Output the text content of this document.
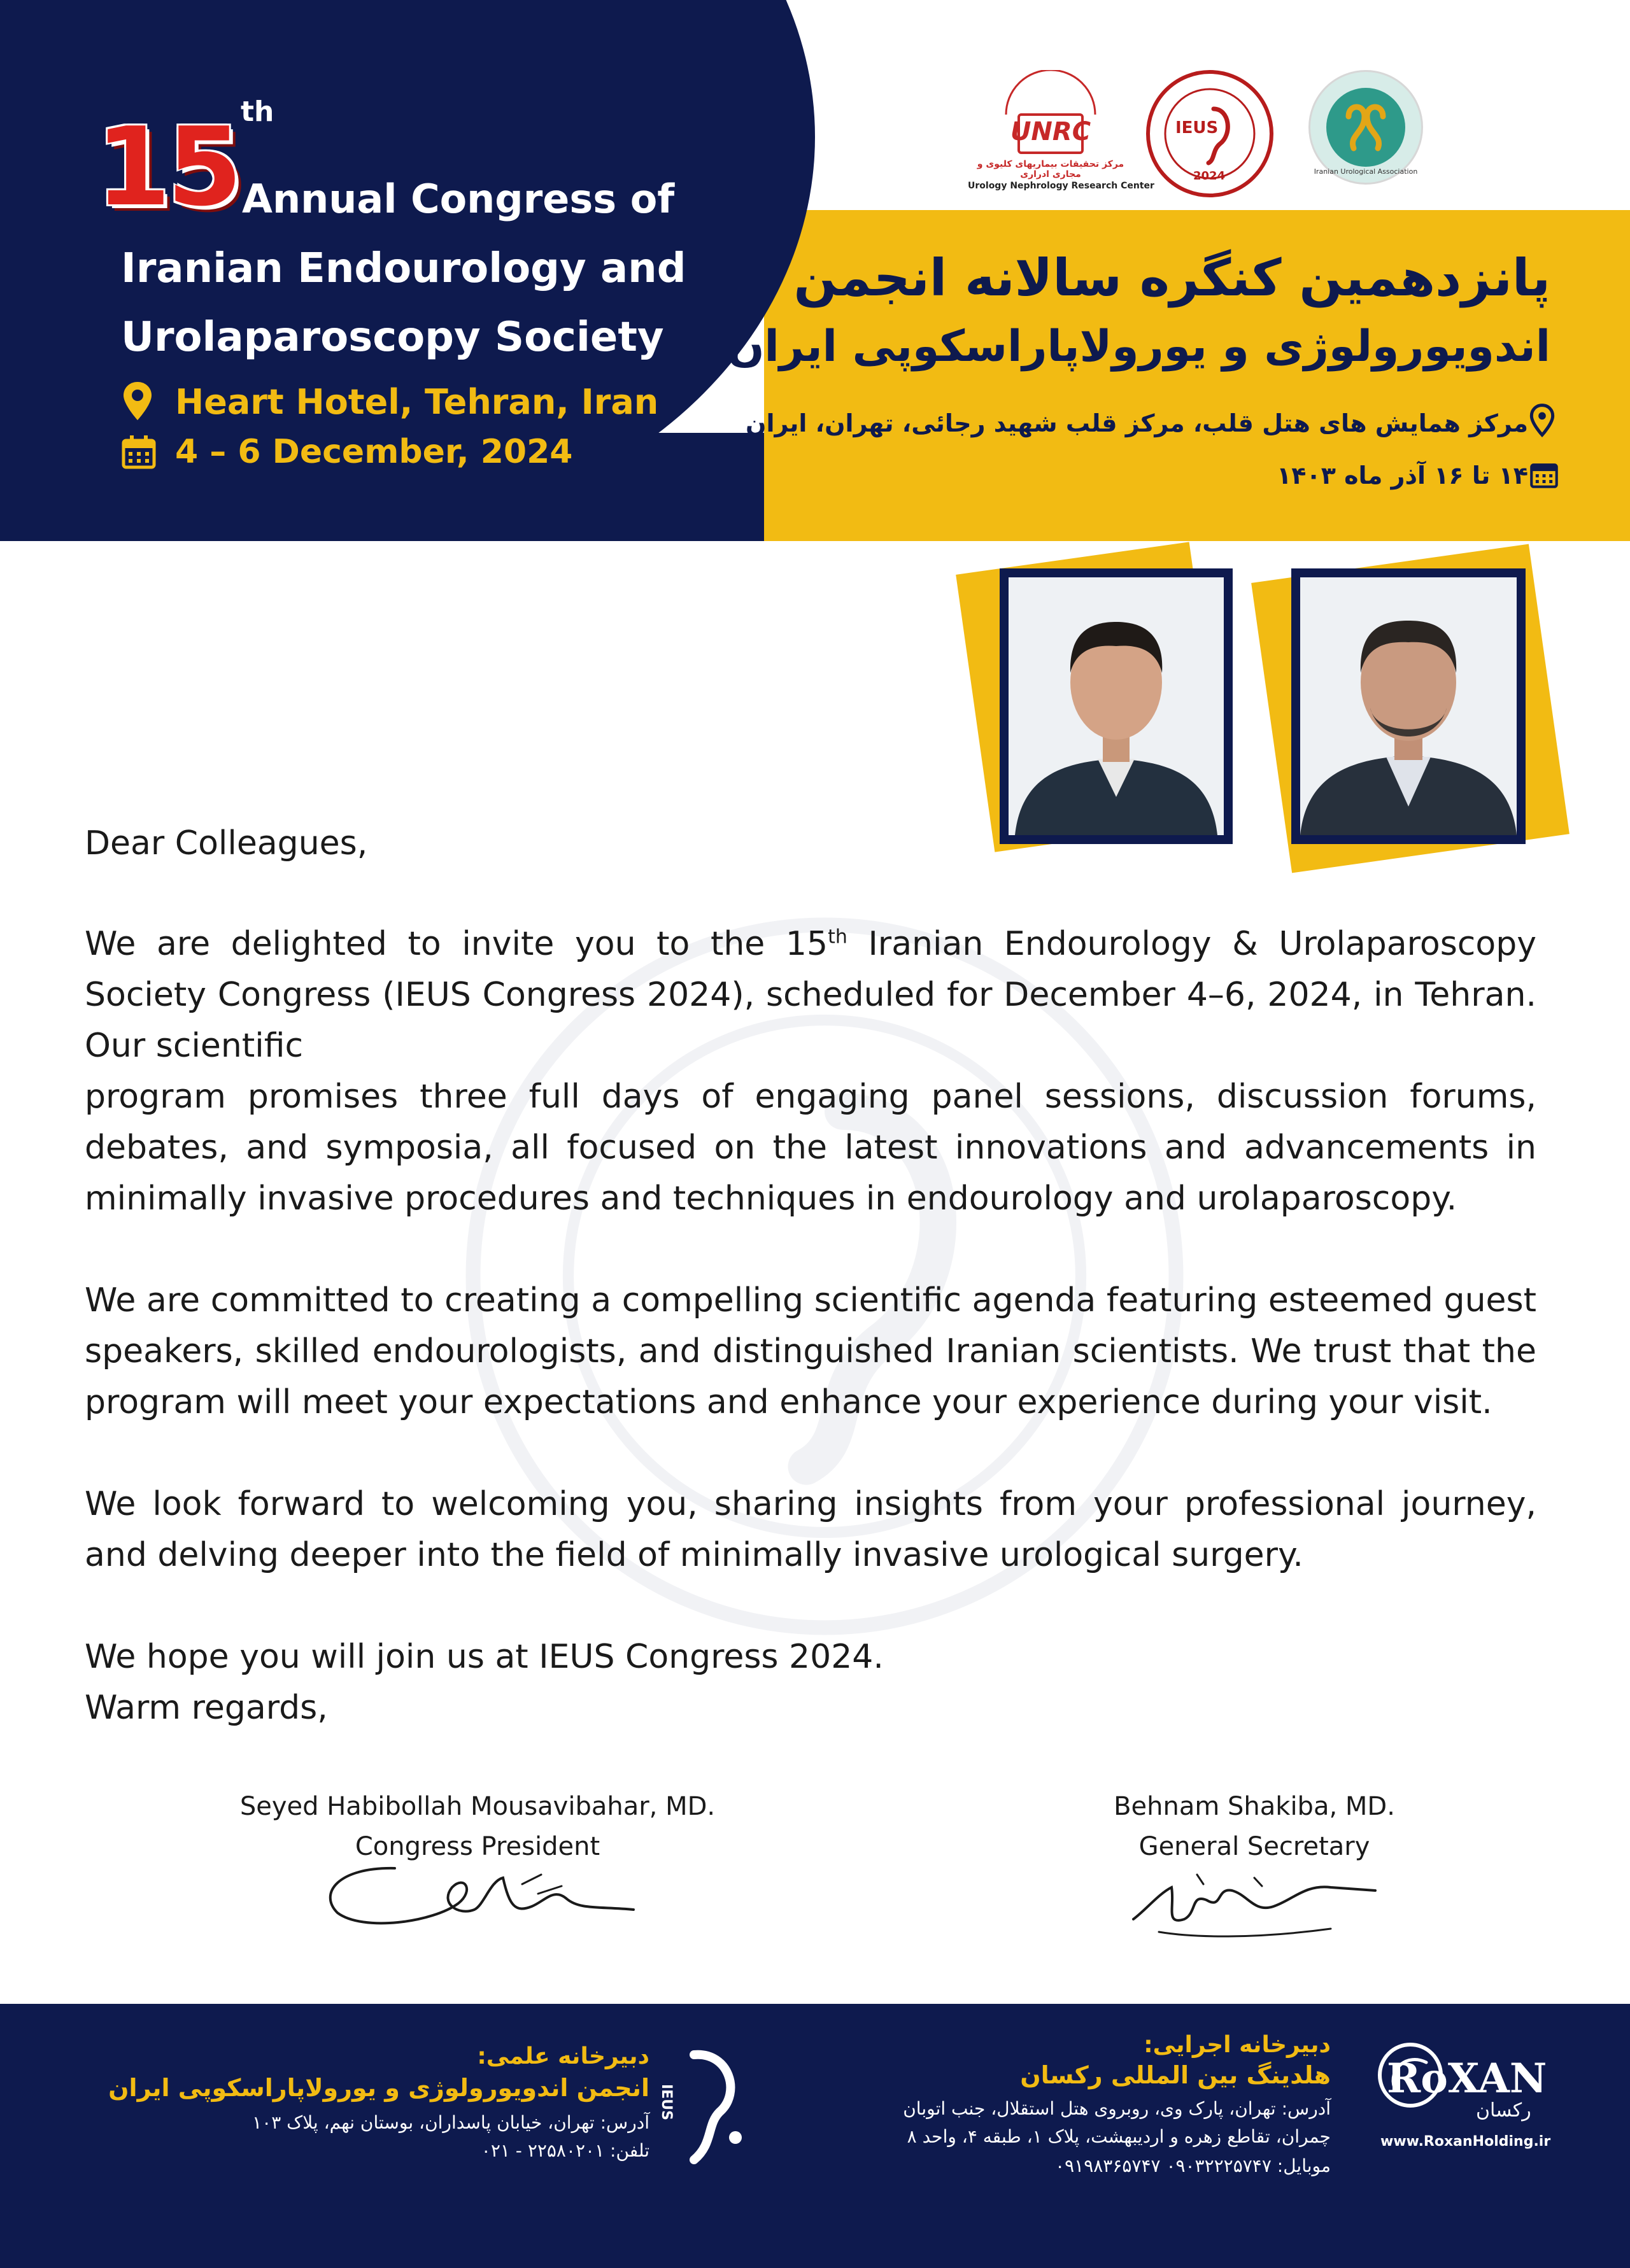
15 th
Annual Congress of
Iranian Endourology and
Urolaparoscopy Society
Heart Hotel, Tehran, Iran
4 – 6 December, 2024
پانزدهمین کنگره سالانه انجمن
اندویورولوژی و یورولاپاراسکوپی ایران
مرکز همایش های هتل قلب، مرکز قلب شهید رجائی، تهران، ایران
۱۴ تا ۱۶ آذر ماه ۱۴۰۳
UNRC
مرکز تحقیقات بیماریهای کلیوی و مجاری ادراری
Urology Nephrology Research Center
IEUS
2024	Iranian Urological Association
Dear Colleagues,
We are delighted to invite you to the 15th Iranian Endourology & Urolaparoscopy Society Congress (IEUS Congress 2024), scheduled for December 4–6, 2024, in Tehran. Our scientific
program promises three full days of engaging panel sessions, discussion forums, debates, and symposia, all focused on the latest innovations and advancements in minimally invasive procedures and techniques in endourology and urolaparoscopy.
We are committed to creating a compelling scientific agenda featuring esteemed guest speakers, skilled endourologists, and distinguished Iranian scientists. We trust that the program will meet your expectations and enhance your experience during your visit.
We look forward to welcoming you, sharing insights from your professional journey, and delving deeper into the field of minimally invasive urological surgery.
We hope you will join us at IEUS Congress 2024.
Warm regards,
Seyed Habibollah Mousavibahar, MD.
Congress President
Behnam Shakiba, MD.
General Secretary
دبیرخانه علمی:
انجمن اندویورولوژی و یورولاپاراسکوپی ایران
آدرس: تهران، خیابان پاسداران، بوستان نهم، پلاک ۱۰۳
تلفن: ۲۲۵۸۰۲۰۱ - ۰۲۱
IEUS
دبیرخانه اجرایی:
هلدینگ بین المللی رکسان
آدرس: تهران، پارک وی، روبروی هتل استقلال، جنب اتوبان
چمران، تقاطع زهره و اردیبهشت، پلاک ۱، طبقه ۴، واحد ۸
موبایل: ۰۹۰۳۲۲۲۵۷۴۷ ۰۹۱۹۸۳۶۵۷۴۷
RoXAN
رکسان
www.RoxanHolding.ir
